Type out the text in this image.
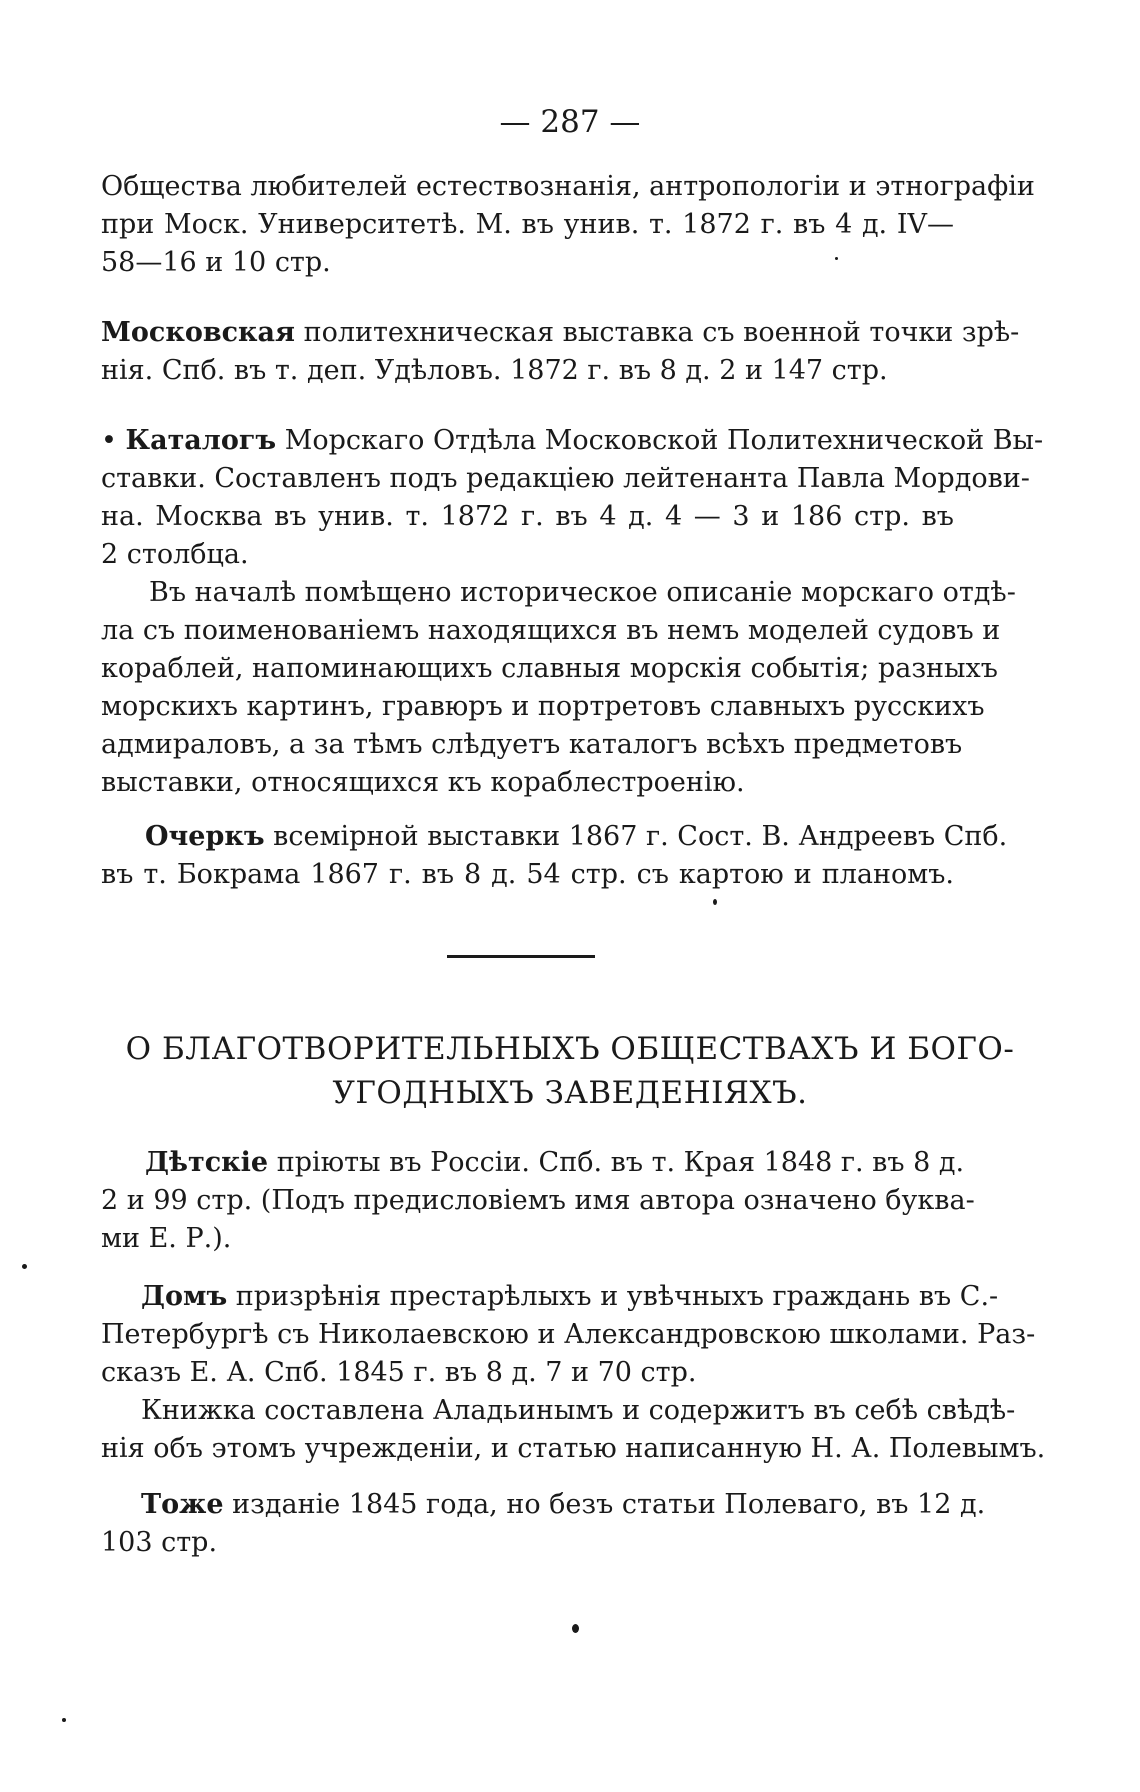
— 287 —
Общества любителей естествознанія, антропологіи и этнографіи
при Моск. Университетѣ. М. въ унив. т. 1872 г. въ 4 д. IV—
58—16 и 10 стр.
Московская политехническая выставка съ военной точки зрѣ-
нія. Спб. въ т. деп. Удѣловъ. 1872 г. въ 8 д. 2 и 147 стр.
• Каталогъ Морскаго Отдѣла Московской Политехнической Вы-
ставки. Составленъ подъ редакціею лейтенанта Павла Мордови-
на. Москва въ унив. т. 1872 г. въ 4 д. 4 — 3 и 186 стр. въ
2 столбца.
Въ началѣ помѣщено историческое описаніе морскаго отдѣ-
ла съ поименованіемъ находящихся въ немъ моделей судовъ и
кораблей, напоминающихъ славныя морскія событія; разныхъ
морскихъ картинъ, гравюръ и портретовъ славныхъ русскихъ
адмираловъ, а за тѣмъ слѣдуетъ каталогъ всѣхъ предметовъ
выставки, относящихся къ кораблестроенію.
Очеркъ всемірной выставки 1867 г. Сост. В. Андреевъ Спб.
въ т. Бокрама 1867 г. въ 8 д. 54 стр. съ картою и планомъ.
О БЛАГОТВОРИТЕЛЬНЫХЪ ОБЩЕСТВАХЪ И БОГО-
УГОДНЫХЪ ЗАВЕДЕНІЯХЪ.
Дѣтскіе пріюты въ Россіи. Спб. въ т. Края 1848 г. въ 8 д.
2 и 99 стр. (Подъ предисловіемъ имя автора означено буква-
ми Е. Р.).
Домъ призрѣнія престарѣлыхъ и увѣчныхъ граждань въ С.-
Петербургѣ съ Николаевскою и Александровскою школами. Раз-
сказъ Е. А. Спб. 1845 г. въ 8 д. 7 и 70 стр.
Книжка составлена Аладьинымъ и содержитъ въ себѣ свѣдѣ-
нія объ этомъ учрежденіи, и статью написанную Н. А. Полевымъ.
Тоже изданіе 1845 года, но безъ статьи Полеваго, въ 12 д.
103 стр.
